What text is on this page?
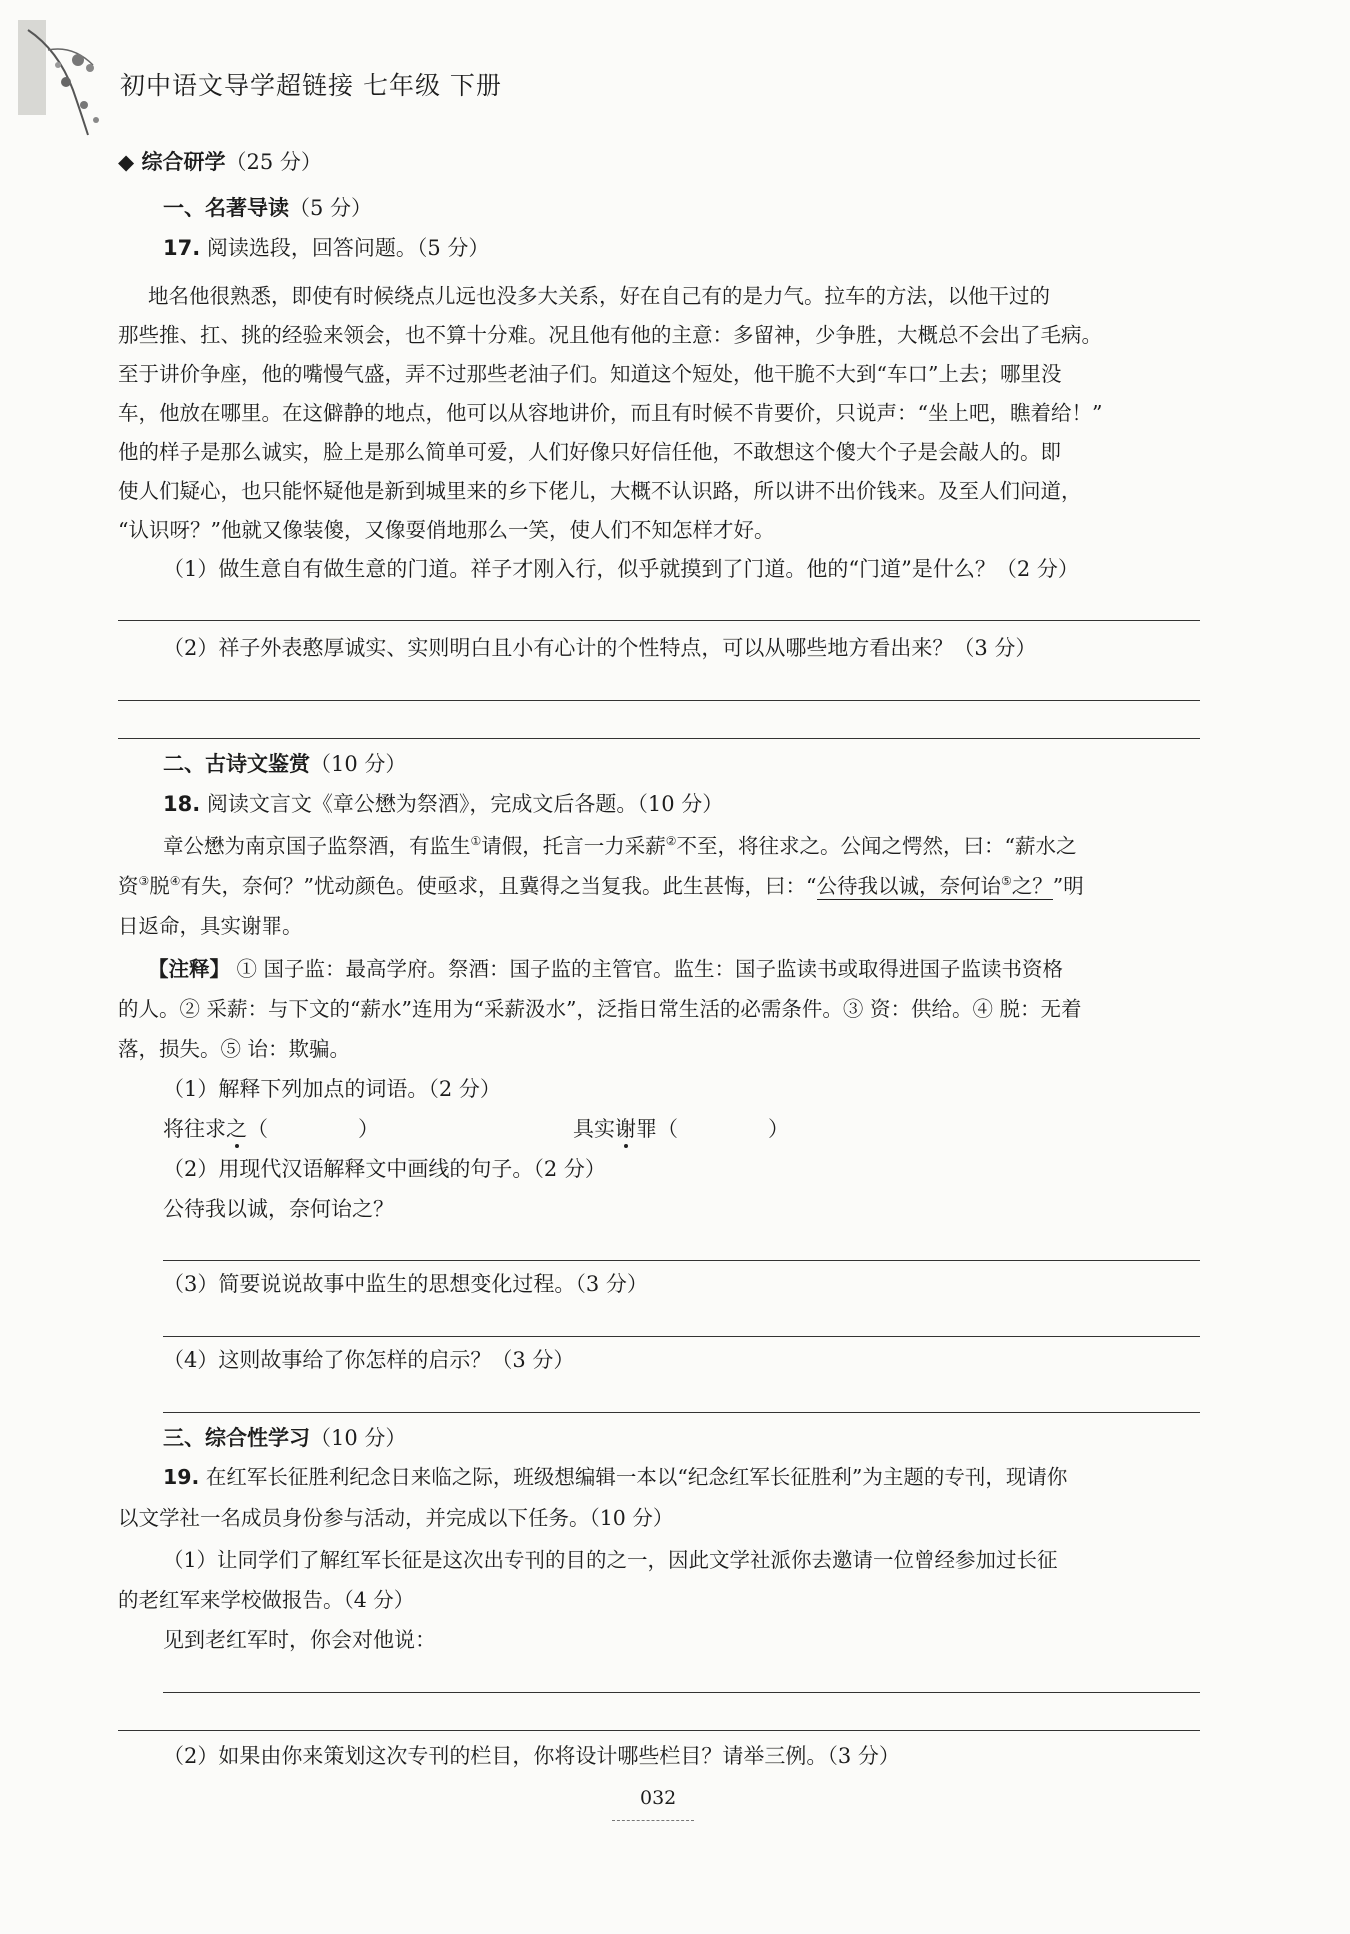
初中语文导学超链接 七年级 下册
◆ 综合研学（25 分）
一、名著导读（5 分）
17. 阅读选段，回答问题。（5 分）
地名他很熟悉，即使有时候绕点儿远也没多大关系，好在自己有的是力气。拉车的方法，以他干过的
那些推、扛、挑的经验来领会，也不算十分难。况且他有他的主意：多留神，少争胜，大概总不会出了毛病。
至于讲价争座，他的嘴慢气盛，弄不过那些老油子们。知道这个短处，他干脆不大到“车口”上去；哪里没
车，他放在哪里。在这僻静的地点，他可以从容地讲价，而且有时候不肯要价，只说声：“坐上吧，瞧着给！”
他的样子是那么诚实，脸上是那么简单可爱，人们好像只好信任他，不敢想这个傻大个子是会敲人的。即
使人们疑心，也只能怀疑他是新到城里来的乡下佬儿，大概不认识路，所以讲不出价钱来。及至人们问道，
“认识呀？”他就又像装傻，又像耍俏地那么一笑，使人们不知怎样才好。
（1）做生意自有做生意的门道。祥子才刚入行，似乎就摸到了门道。他的“门道”是什么？（2 分）
（2）祥子外表憨厚诚实、实则明白且小有心计的个性特点，可以从哪些地方看出来？（3 分）
二、古诗文鉴赏（10 分）
18. 阅读文言文《章公懋为祭酒》，完成文后各题。（10 分）
章公懋为南京国子监祭酒，有监生①请假，托言一力采薪②不至，将往求之。公闻之愕然，曰：“薪水之
资③脱④有失，奈何？”忧动颜色。使亟求，且冀得之当复我。此生甚悔，曰：“公待我以诚，奈何诒⑤之？”明
日返命，具实谢罪。
【注释】 ① 国子监：最高学府。祭酒：国子监的主管官。监生：国子监读书或取得进国子监读书资格
的人。② 采薪：与下文的“薪水”连用为“采薪汲水”，泛指日常生活的必需条件。③ 资：供给。④ 脱：无着
落，损失。⑤ 诒：欺骗。
（1）解释下列加点的词语。（2 分）
将往求之（	）	具实谢罪（	）
（2）用现代汉语解释文中画线的句子。（2 分）
公待我以诚，奈何诒之？
（3）简要说说故事中监生的思想变化过程。（3 分）
（4）这则故事给了你怎样的启示？（3 分）
三、综合性学习（10 分）
19. 在红军长征胜利纪念日来临之际，班级想编辑一本以“纪念红军长征胜利”为主题的专刊，现请你
以文学社一名成员身份参与活动，并完成以下任务。（10 分）
（1）让同学们了解红军长征是这次出专刊的目的之一，因此文学社派你去邀请一位曾经参加过长征
的老红军来学校做报告。（4 分）
见到老红军时，你会对他说：
（2）如果由你来策划这次专刊的栏目，你将设计哪些栏目？请举三例。（3 分）
032
